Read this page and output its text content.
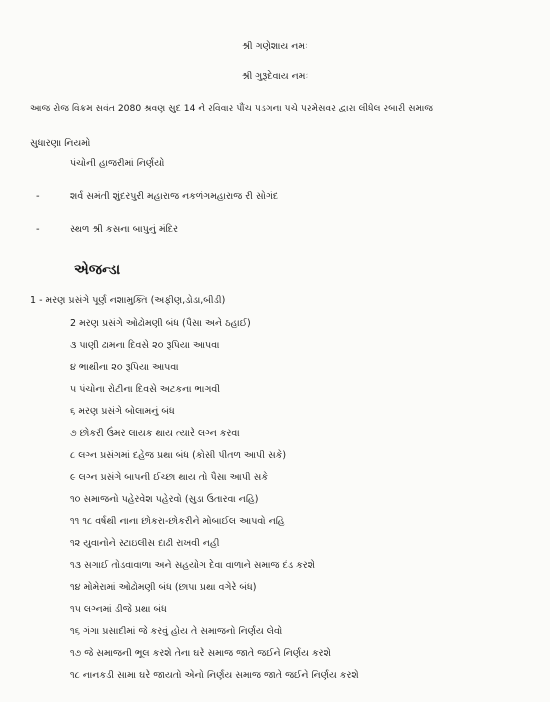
શ્રી ગણેશાય નમઃ
શ્રી ગુરૂદેવાય નમઃ
આજ રોજ વિક્રમ સવંત 2080 શ્રવણ સુદ 14 ને રવિવાર પૌંચ પડગના પચે પરમેસવર દ્વારા લીધેલ રબારી સમાજ
સુધારણા નિયમો
પંચોની હાજરીમાં નિર્ણયો
-	શર્વ સમંતી શુંદરપુરી મહારાજ નકળંગમહારાજ રી સોગંદ
-	સ્થળ શ્રી કસના બાપુનું મંદિર
એજન્ડા
1 - મરણ પ્રસંગે પૂર્ણ નશામુક્તિ (અફીણ,ડોડા,બીડી)
2 મરણ પ્રસંગે ઓઢોમણી બંધ (પૈસા અને ઠહાઈ)
૩ પાણી ઢામના દિવસે ૨૦ રૂપિયા આપવા
૪ ભાથીના ૨૦ રૂપિયા આપવા
૫ પંચોના રોટીના દિવસે અટકના ભાગવી
૬ મરણ પ્રસંગે બોલામનું બંધ
૭ છોકરી ઉંમર લાયક થાય ત્યારે લગ્ન કરવા
૮ લગ્ન પ્રસંગમાં દહેજ પ્રથા બંધ (કોસી પીતળ આપી સકે)
૯ લગ્ન પ્રસંગે બાપની ઈચ્છા થાય તો પૈસા આપી સકે
૧૦ સમાજનો પહેરવેશ પહેરવો (સુડા ઉતારવા નહિ)
૧૧ ૧૮ વર્ષથી નાના છોકરા-છોકરીને મોબાઈલ આપવો નહિ
૧૨ યુવાનોને સ્ટાઇલીસ દાઢી રાખવી નહી
૧૩ સગાઈ તોડવાવાળા અને સહયોગ દેવા વાળાને સમાજ દંડ કરશે
૧૪ મોમેરામાં ઓઢોમણી બંધ (છાપા પ્રથા વગેરે બંધ)
૧૫ લગ્નમાં ડીજે પ્રથા બંધ
૧૬ ગંગા પ્રસાદીમાં જે કરવું હોય તે સમાજનો નિર્ણય લેવો
૧૭ જે સમાજની ભૂલ કરશે તેના ઘરે સમાજ જાતે જઈને નિર્ણય કરશે
૧૮ નાનકડી સામા ઘરે જાયતો એનો નિર્ણય સમાજ જાતે જઈને નિર્ણય કરશે
